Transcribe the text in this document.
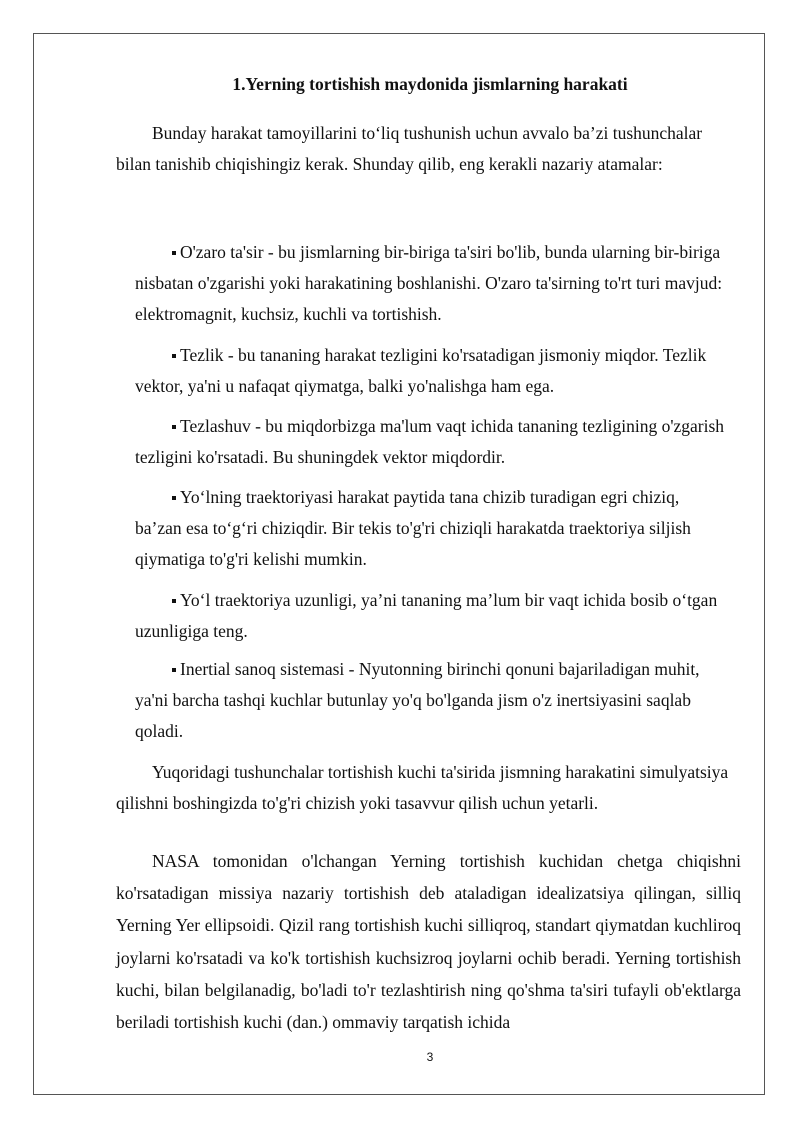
1.Yerning tortishish maydonida jismlarning harakati

Bunday harakat tamoyillarini to‘liq tushunish uchun avvalo ba’zi tushunchalar bilan tanishib chiqishingiz kerak. Shunday qilib, eng kerakli nazariy atamalar:

O'zaro ta'sir - bu jismlarning bir-biriga ta'siri bo'lib, bunda ularning bir-biriga nisbatan o'zgarishi yoki harakatining boshlanishi. O'zaro ta'sirning to'rt turi mavjud: elektromagnit, kuchsiz, kuchli va tortishish.

Tezlik - bu tananing harakat tezligini ko'rsatadigan jismoniy miqdor. Tezlik vektor, ya'ni u nafaqat qiymatga, balki yo'nalishga ham ega.

Tezlashuv - bu miqdorbizga ma'lum vaqt ichida tananing tezligining o'zgarish tezligini ko'rsatadi. Bu shuningdek vektor miqdordir.

Yo‘lning traektoriyasi harakat paytida tana chizib turadigan egri chiziq, ba’zan esa to‘g‘ri chiziqdir. Bir tekis to'g'ri chiziqli harakatda traektoriya siljish qiymatiga to'g'ri kelishi mumkin.

Yo‘l traektoriya uzunligi, ya’ni tananing ma’lum bir vaqt ichida bosib o‘tgan uzunligiga teng.

Inertial sanoq sistemasi - Nyutonning birinchi qonuni bajariladigan muhit, ya'ni barcha tashqi kuchlar butunlay yo'q bo'lganda jism o'z inertsiyasini saqlab qoladi.

Yuqoridagi tushunchalar tortishish kuchi ta'sirida jismning harakatini simulyatsiya qilishni boshingizda to'g'ri chizish yoki tasavvur qilish uchun yetarli.

NASA tomonidan o'lchangan Yerning tortishish kuchidan chetga chiqishni ko'rsatadigan missiya nazariy tortishish deb ataladigan idealizatsiya qilingan, silliq Yerning Yer ellipsoidi. Qizil rang tortishish kuchi silliqroq, standart qiymatdan kuchliroq joylarni ko'rsatadi va ko'k tortishish kuchsizroq joylarni ochib beradi. Yerning tortishish kuchi, bilan belgilanadig, bo'ladi to'r tezlashtirish ning qo'shma ta'siri tufayli ob'ektlarga beriladi tortishish kuchi (dan.) ommaviy tarqatish ichida

3
